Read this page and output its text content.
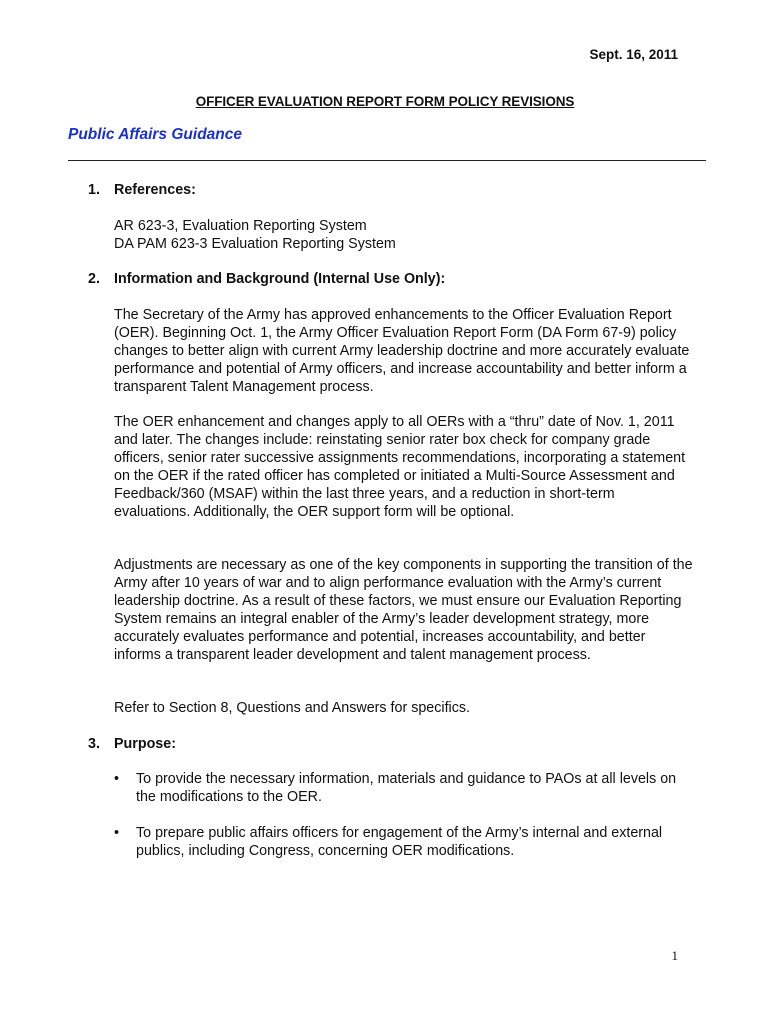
Sept. 16, 2011
OFFICER EVALUATION REPORT FORM POLICY REVISIONS
Public Affairs Guidance
1. References:

AR 623-3, Evaluation Reporting System

DA PAM 623-3 Evaluation Reporting System

2. Information and Background (Internal Use Only):

The Secretary of the Army has approved enhancements to the Officer Evaluation Report (OER). Beginning Oct. 1, the Army Officer Evaluation Report Form (DA Form 67-9) policy changes to better align with current Army leadership doctrine and more accurately evaluate performance and potential of Army officers, and increase accountability and better inform a transparent Talent Management process.

The OER enhancement and changes apply to all OERs with a “thru” date of Nov. 1, 2011 and later. The changes include: reinstating senior rater box check for company grade officers, senior rater successive assignments recommendations, incorporating a statement on the OER if the rated officer has completed or initiated a Multi-Source Assessment and Feedback/360 (MSAF) within the last three years, and a reduction in short-term evaluations. Additionally, the OER support form will be optional.

Adjustments are necessary as one of the key components in supporting the transition of the Army after 10 years of war and to align performance evaluation with the Army’s current leadership doctrine. As a result of these factors, we must ensure our Evaluation Reporting System remains an integral enabler of the Army’s leader development strategy, more accurately evaluates performance and potential, increases accountability, and better informs a transparent leader development and talent management process.

Refer to Section 8, Questions and Answers for specifics.

3. Purpose:
• To provide the necessary information, materials and guidance to PAOs at all levels on the modifications to the OER.

• To prepare public affairs officers for engagement of the Army’s internal and external publics, including Congress, concerning OER modifications.

1
